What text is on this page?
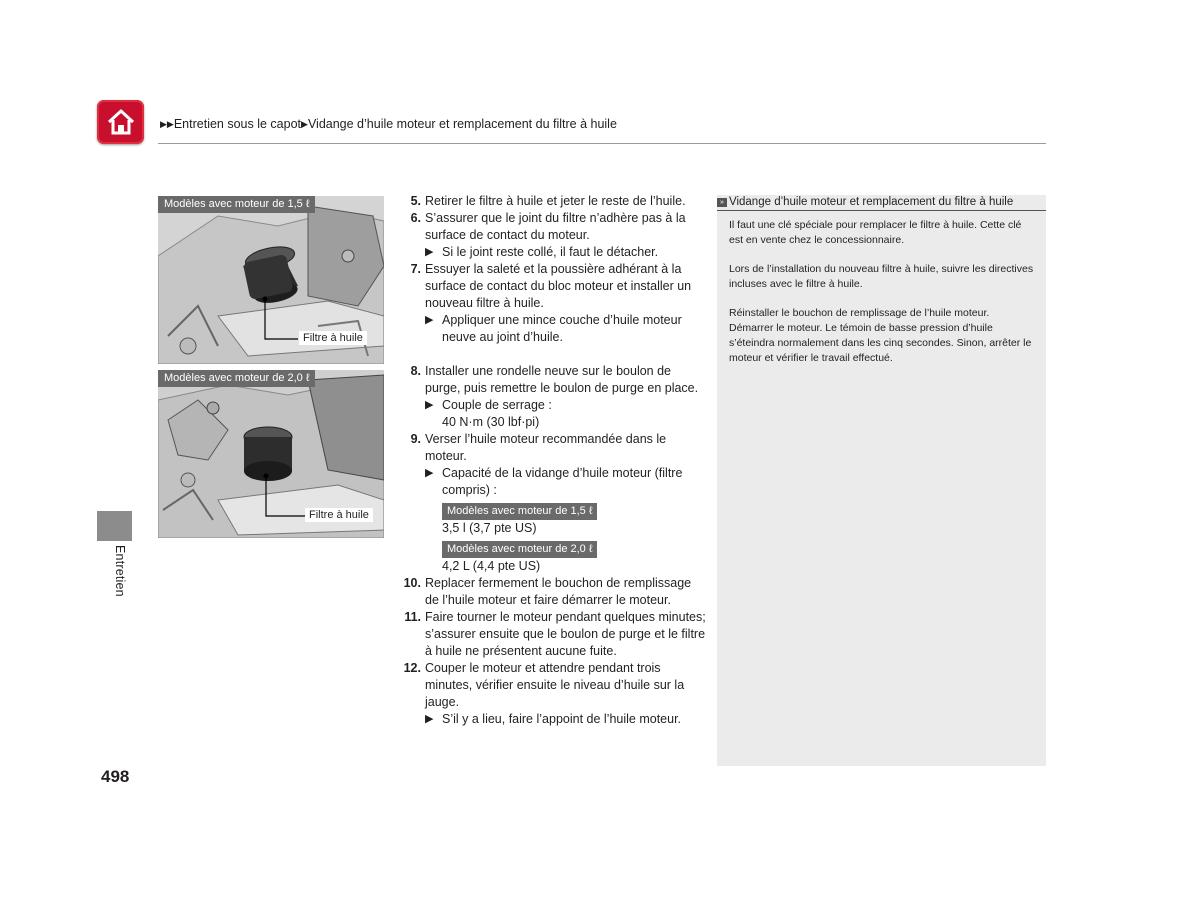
▶▶Entretien sous le capot▶Vidange d’huile moteur et remplacement du filtre à huile
Entretien
498
Modèles avec moteur de 1,5 ℓ
Filtre à huile
Modèles avec moteur de 2,0 ℓ
Filtre à huile
5. Retirer le filtre à huile et jeter le reste de l’huile.
6. S’assurer que le joint du filtre n’adhère pas à la surface de contact du moteur.
▶ Si le joint reste collé, il faut le détacher.
7. Essuyer la saleté et la poussière adhérant à la surface de contact du bloc moteur et installer un nouveau filtre à huile.
▶ Appliquer une mince couche d’huile moteur neuve au joint d’huile.
8. Installer une rondelle neuve sur le boulon de purge, puis remettre le boulon de purge en place.
▶ Couple de serrage :
40 N·m (30 lbf·pi)
9. Verser l’huile moteur recommandée dans le moteur.
▶ Capacité de la vidange d’huile moteur (filtre compris) :
Modèles avec moteur de 1,5 ℓ
3,5 l (3,7 pte US)
Modèles avec moteur de 2,0 ℓ
4,2 L (4,4 pte US)
10. Replacer fermement le bouchon de remplissage de l’huile moteur et faire démarrer le moteur.
11. Faire tourner le moteur pendant quelques minutes; s’assurer ensuite que le boulon de purge et le filtre à huile ne présentent aucune fuite.
12. Couper le moteur et attendre pendant trois minutes, vérifier ensuite le niveau d’huile sur la jauge.
▶ S’il y a lieu, faire l’appoint de l’huile moteur.
» Vidange d’huile moteur et remplacement du filtre à huile

Il faut une clé spéciale pour remplacer le filtre à huile. Cette clé est en vente chez le concessionnaire.

Lors de l’installation du nouveau filtre à huile, suivre les directives incluses avec le filtre à huile.

Réinstaller le bouchon de remplissage de l’huile moteur. Démarrer le moteur. Le témoin de basse pression d’huile s’éteindra normalement dans les cinq secondes. Sinon, arrêter le moteur et vérifier le travail effectué.
